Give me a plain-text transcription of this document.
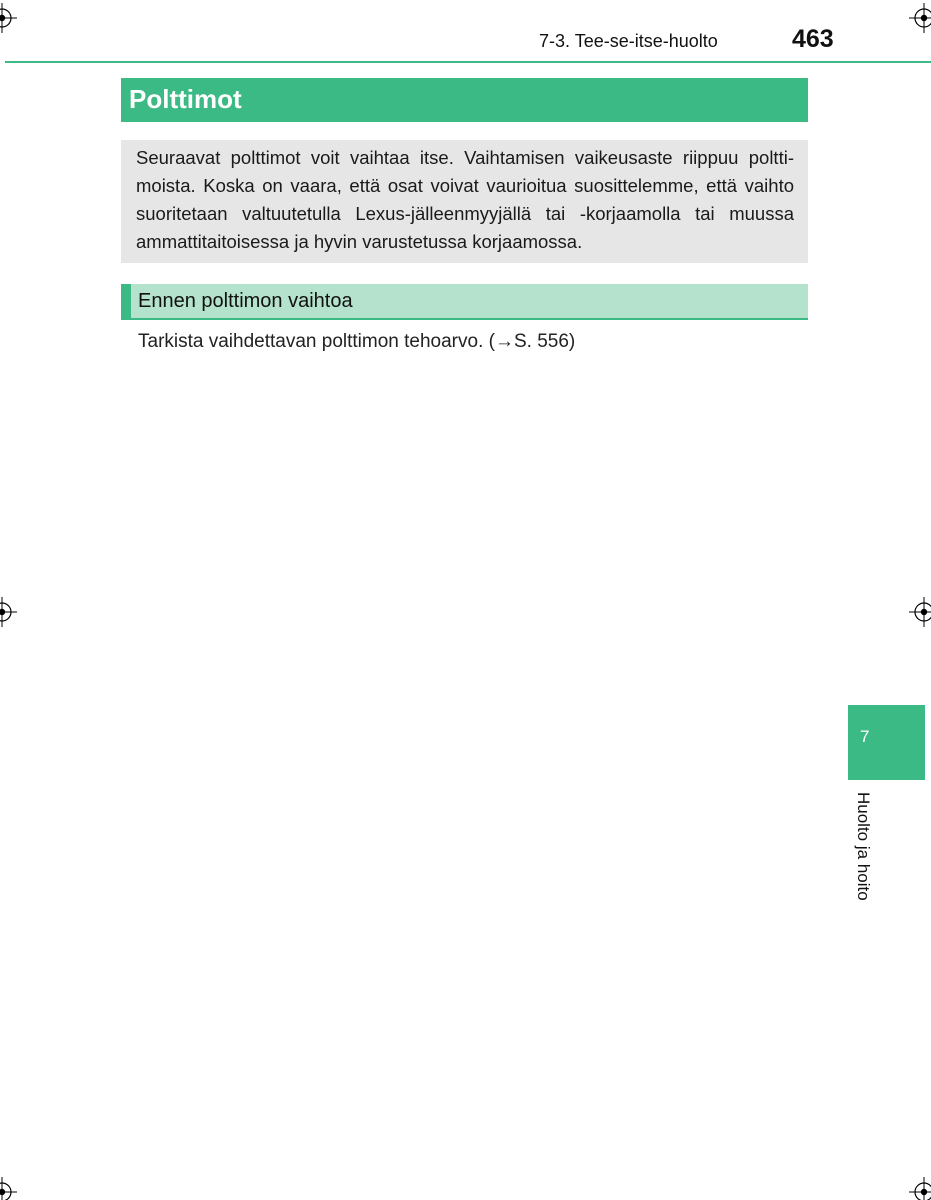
7-3. Tee-se-itse-huolto	463
Polttimot
Seuraavat polttimot voit vaihtaa itse. Vaihtamisen vaikeusaste riippuu poltti-
moista. Koska on vaara, että osat voivat vaurioitua suosittelemme, että vaihto
suoritetaan valtuutetulla Lexus-jälleenmyyjällä tai -korjaamolla tai muussa
ammattitaitoisessa ja hyvin varustetussa korjaamossa.
Ennen polttimon vaihtoa
Tarkista vaihdettavan polttimon tehoarvo. (→S. 556)
7
Huolto ja hoito
